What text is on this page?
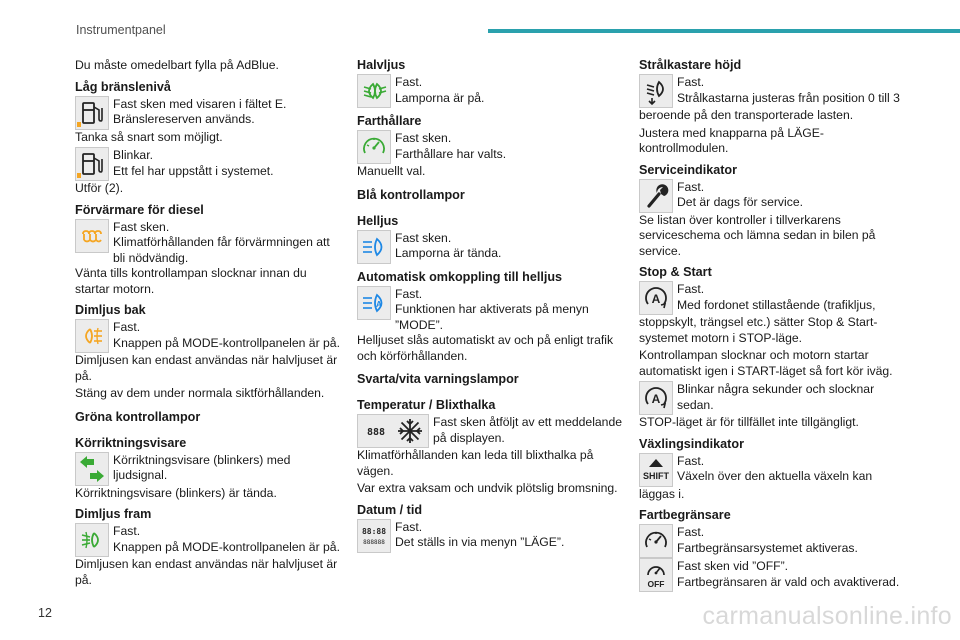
Instrumentpanel
Du måste omedelbart fylla på AdBlue.
Låg bränslenivå
Fast sken med visaren i fältet E.
Bränslereserven används.
Tanka så snart som möjligt.
Blinkar.
Ett fel har uppstått i systemet.
Utför (2).
Förvärmare för diesel
Fast sken.
Klimatförhållanden får förvärmningen att bli nödvändig.
Vänta tills kontrollampan slocknar innan du startar motorn.
Dimljus bak
Fast.
Knappen på MODE-kontrollpanelen är på.
Dimljusen kan endast användas när halvljuset är på.
Stäng av dem under normala siktförhållanden.
Gröna kontrollampor
Körriktningsvisare
Körriktningsvisare (blinkers) med ljudsignal.
Körriktningsvisare (blinkers) är tända.
Dimljus fram
Fast.
Knappen på MODE-kontrollpanelen är på.
Dimljusen kan endast användas när halvljuset är på.
Halvljus
Fast.
Lamporna är på.
Farthållare
Fast sken.
Farthållare har valts.
Manuellt val.
Blå kontrollampor
Helljus
Fast sken.
Lamporna är tända.
Automatisk omkoppling till helljus
A
Fast.
Funktionen har aktiverats på menyn ”MODE”.
Helljuset slås automatiskt av och på enligt trafik och körförhållanden.
Svarta/vita varningslampor
Temperatur / Blixthalka
888
Fast sken åtföljt av ett meddelande på displayen.
Klimatförhållanden kan leda till blixthalka på vägen.
Var extra vaksam och undvik plötslig bromsning.
Datum / tid
88:88
888888
Fast.
Det ställs in via menyn ”LÄGE”.
Strålkastare höjd
Fast.
Strålkastarna justeras från position 0 till 3
beroende på den transporterade lasten.
Justera med knapparna på LÄGE-kontrollmodulen.
Serviceindikator
Fast.
Det är dags för service.
Se listan över kontroller i tillverkarens serviceschema och lämna sedan in bilen på service.
Stop & Start
A
Fast.
Med fordonet stillastående (trafikljus,
stoppskylt, trängsel etc.) sätter Stop & Start-systemet motorn i STOP-läge.
Kontrollampan slocknar och motorn startar automatiskt igen i START-läget så fort kör iväg.
A
Blinkar några sekunder och slocknar sedan.
STOP-läget är för tillfället inte tillgängligt.
Växlingsindikator
SHIFT
Fast.
Växeln över den aktuella växeln kan
läggas i.
Fartbegränsare
Fast.
Fartbegränsarsystemet aktiveras.
OFF
Fast sken vid ”OFF”.
Fartbegränsaren är vald och avaktiverad.
12	carmanualsonline.info
